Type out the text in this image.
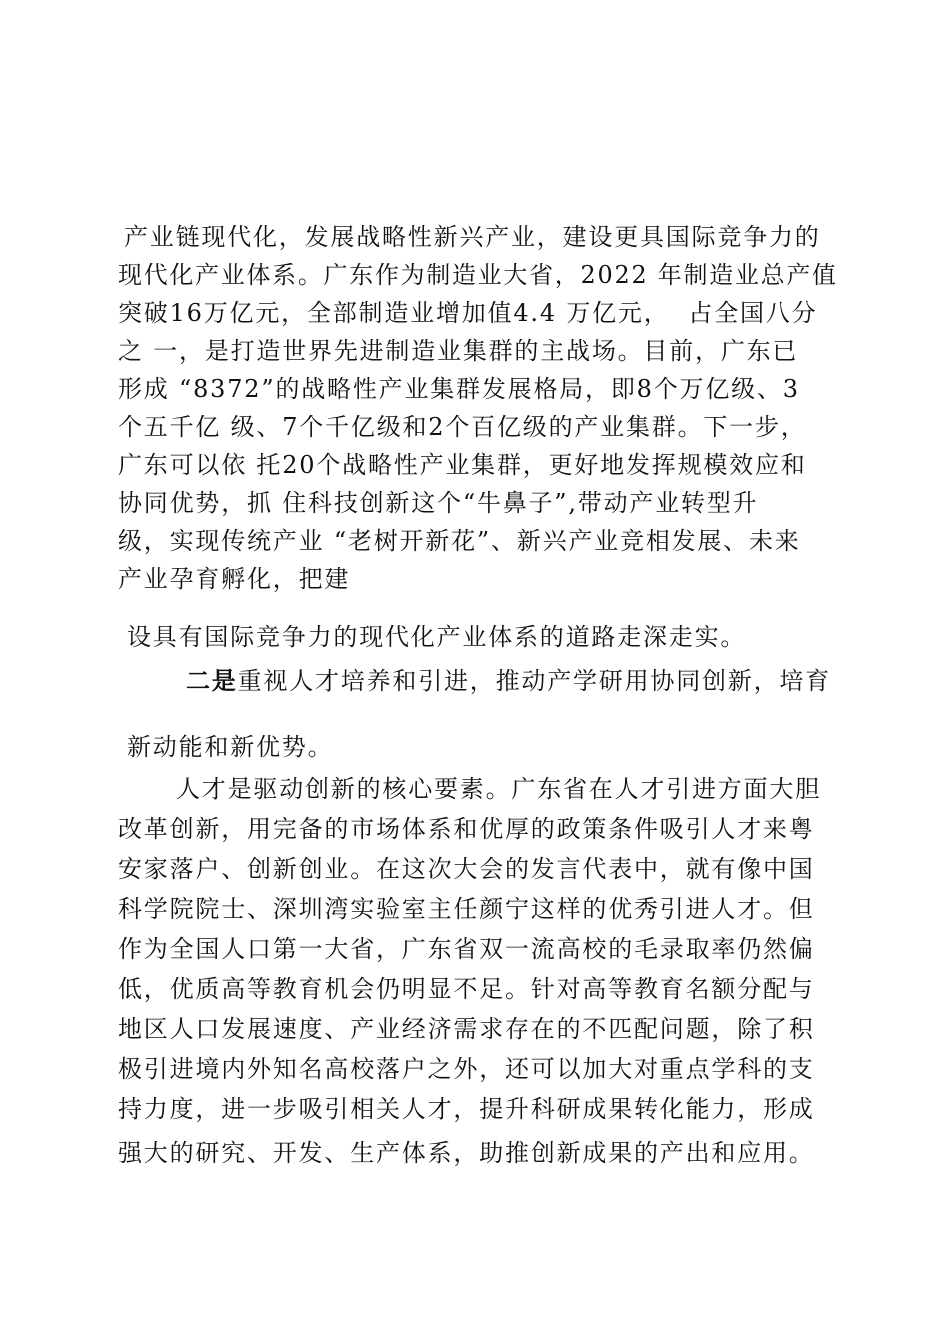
产业链现代化，发展战略性新兴产业，建设更具国际竞争力的
现代化产业体系。广东作为制造业大省，2022 年制造业总产值
突破16万亿元，全部制造业增加值4.4 万亿元，  占全国八分
之 一，是打造世界先进制造业集群的主战场。目前，广东已
形成 “8372”的战略性产业集群发展格局，即8个万亿级、3
个五千亿 级、7个千亿级和2个百亿级的产业集群。下一步，
广东可以依 托20个战略性产业集群，更好地发挥规模效应和
协同优势，抓 住科技创新这个“牛鼻子”,带动产业转型升
级，实现传统产业 “老树开新花”、新兴产业竞相发展、未来
产业孕育孵化，把建
设具有国际竞争力的现代化产业体系的道路走深走实。
二是重视人才培养和引进，推动产学研用协同创新，培育
新动能和新优势。
人才是驱动创新的核心要素。广东省在人才引进方面大胆
改革创新，用完备的市场体系和优厚的政策条件吸引人才来粤
安家落户、创新创业。在这次大会的发言代表中，就有像中国
科学院院士、深圳湾实验室主任颜宁这样的优秀引进人才。但
作为全国人口第一大省，广东省双一流高校的毛录取率仍然偏
低，优质高等教育机会仍明显不足。针对高等教育名额分配与
地区人口发展速度、产业经济需求存在的不匹配问题，除了积
极引进境内外知名高校落户之外，还可以加大对重点学科的支
持力度，进一步吸引相关人才，提升科研成果转化能力，形成
强大的研究、开发、生产体系，助推创新成果的产出和应用。
